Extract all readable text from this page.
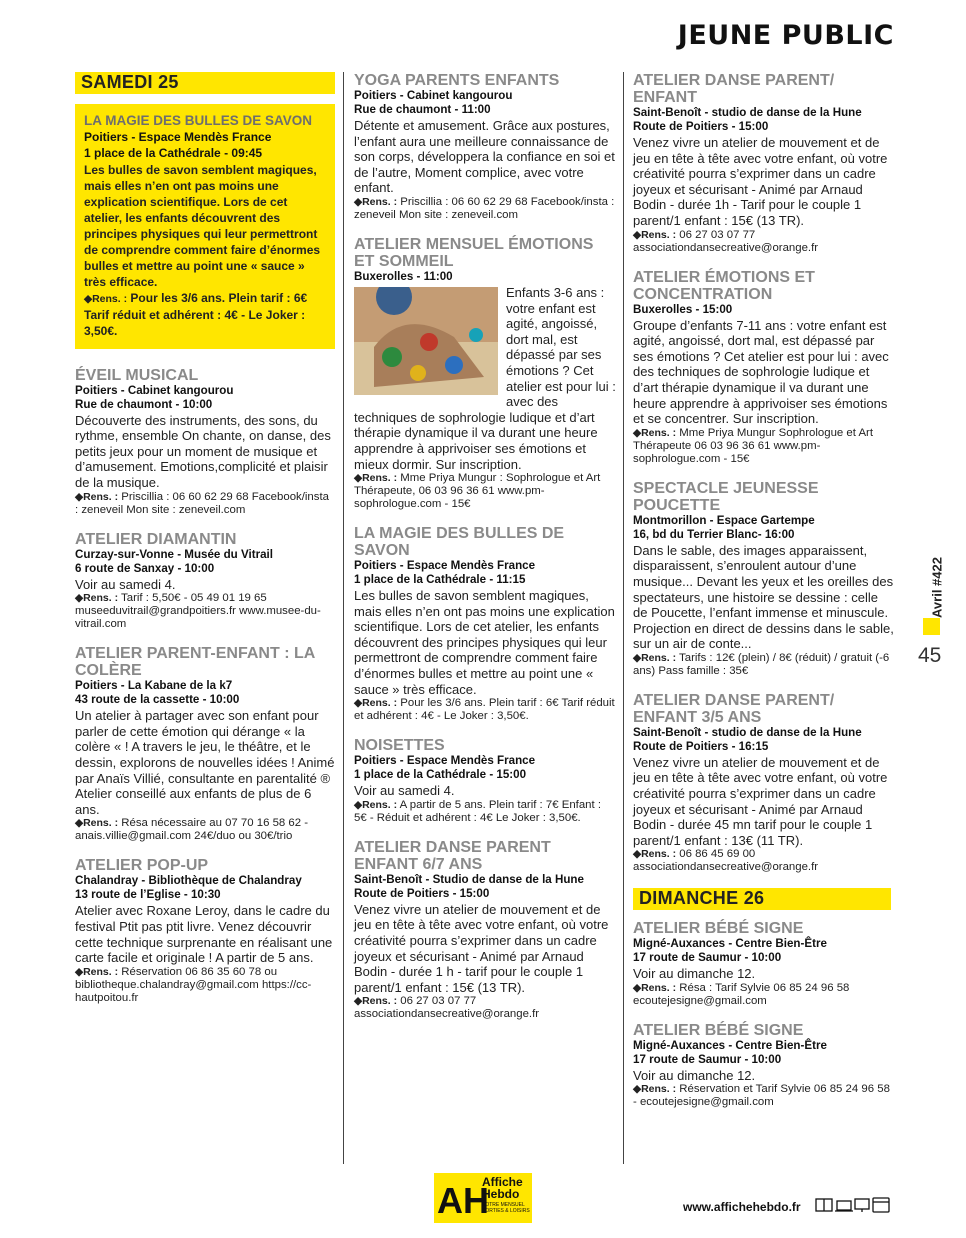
JEUNE PUBLIC
SAMEDI 25
LA MAGIE DES BULLES DE SAVON
Poitiers - Espace Mendès France
1 place de la Cathédrale - 09:45
Les bulles de savon semblent magiques, mais elles n’en ont pas moins une explication scientifique. Lors de cet atelier, les enfants découvrent des principes physiques qui leur permettront de comprendre comment faire d’énormes bulles et mettre au point une « sauce » très efficace.
◆Rens. : Pour les 3/6 ans. Plein tarif : 6€ Tarif réduit et adhérent : 4€ - Le Joker : 3,50€.
ÉVEIL MUSICAL
Poitiers - Cabinet kangourou
Rue de chaumont - 10:00
Découverte des instruments, des sons, du rythme, ensemble On chante, on danse, des petits jeux pour un moment de musique et d’amusement. Emotions,complicité et plaisir de la musique.
◆Rens. : Priscillia : 06 60 62 29 68 Facebook/insta : zeneveil Mon site : zeneveil.com
ATELIER DIAMANTIN
Curzay-sur-Vonne - Musée du Vitrail
6 route de Sanxay - 10:00
Voir au samedi 4.
◆Rens. : Tarif : 5,50€ - 05 49 01 19 65 museeduvitrail@grandpoitiers.fr www.musee-du-vitrail.com
ATELIER PARENT-ENFANT : LA COLÈRE
Poitiers - La Kabane de la k7
43 route de la cassette - 10:00
Un atelier à partager avec son enfant pour parler de cette émotion qui dérange « la colère « ! A travers le jeu, le théâtre, et le dessin, explorons de nouvelles idées ! Animé par Anaïs Villié, consultante en parentalité ® Atelier conseillé aux enfants de plus de 6 ans.
◆Rens. : Résa nécessaire au 07 70 16 58 62 - anais.villie@gmail.com 24€/duo ou 30€/trio
ATELIER POP-UP
Chalandray - Bibliothèque de Chalandray
13 route de l’Eglise - 10:30
Atelier avec Roxane Leroy, dans le cadre du festival Ptit pas ptit livre. Venez découvrir cette technique surprenante en réalisant une carte facile et originale ! A partir de 5 ans.
◆Rens. : Réservation 06 86 35 60 78 ou bibliotheque.chalandray@gmail.com https://cc-hautpoitou.fr
YOGA PARENTS ENFANTS
Poitiers - Cabinet kangourou
Rue de chaumont - 11:00
Détente et amusement. Grâce aux postures, l’enfant aura une meilleure connaissance de son corps, développera la confiance en soi et de l’autre, Moment complice, avec votre enfant.
◆Rens. : Priscillia : 06 60 62 29 68 Facebook/insta : zeneveil Mon site : zeneveil.com
ATELIER MENSUEL ÉMOTIONS ET SOMMEIL
Buxerolles - 11:00
Enfants 3-6 ans : votre enfant est agité, angoissé, dort mal, est dépassé par ses émotions ? Cet atelier est pour lui : avec des techniques de sophrologie ludique et d’art thérapie dynamique il va durant une heure apprendre à apprivoiser ses émotions et mieux dormir. Sur inscription.
◆Rens. : Mme Priya Mungur : Sophrologue et Art Thérapeute, 06 03 96 36 61 www.pm-sophrologue.com - 15€
LA MAGIE DES BULLES DE SAVON
Poitiers - Espace Mendès France
1 place de la Cathédrale - 11:15
Les bulles de savon semblent magiques, mais elles n’en ont pas moins une explication scientifique. Lors de cet atelier, les enfants découvrent des principes physiques qui leur permettront de comprendre comment faire d’énormes bulles et mettre au point une « sauce » très efficace.
◆Rens. : Pour les 3/6 ans. Plein tarif : 6€ Tarif réduit et adhérent : 4€ - Le Joker : 3,50€.
NOISETTES
Poitiers - Espace Mendès France
1 place de la Cathédrale - 15:00
Voir au samedi 4.
◆Rens. : A partir de 5 ans. Plein tarif : 7€ Enfant : 5€ - Réduit et adhérent : 4€ Le Joker : 3,50€.
ATELIER DANSE PARENT ENFANT 6/7 ANS
Saint-Benoît - Studio de danse de la Hune
Route de Poitiers - 15:00
Venez vivre un atelier de mouvement et de jeu en tête à tête avec votre enfant, où votre créativité pourra s’exprimer dans un cadre joyeux et sécurisant - Animé par Arnaud Bodin - durée 1 h - tarif pour le couple 1 parent/1 enfant : 15€ (13 TR).
◆Rens. : 06 27 03 07 77 associationdansecreative@orange.fr
ATELIER DANSE PARENT/ ENFANT
Saint-Benoît - studio de danse de la Hune
Route de Poitiers - 15:00
Venez vivre un atelier de mouvement et de jeu en tête à tête avec votre enfant, où votre créativité pourra s’exprimer dans un cadre joyeux et sécurisant - Animé par Arnaud Bodin - durée 1h - Tarif pour le couple 1 parent/1 enfant : 15€ (13 TR).
◆Rens. : 06 27 03 07 77 associationdansecreative@orange.fr
ATELIER ÉMOTIONS ET CONCENTRATION
Buxerolles - 15:00
Groupe d’enfants 7-11 ans : votre enfant est agité, angoissé, dort mal, est dépassé par ses émotions ? Cet atelier est pour lui : avec des techniques de sophrologie ludique et d’art thérapie dynamique il va durant une heure apprendre à apprivoiser ses émotions et se concentrer. Sur inscription.
◆Rens. : Mme Priya Mungur Sophrologue et Art Thérapeute 06 03 96 36 61 www.pm-sophrologue.com - 15€
SPECTACLE JEUNESSE POUCETTE
Montmorillon - Espace Gartempe
16, bd du Terrier Blanc- 16:00
Dans le sable, des images apparaissent, disparaissent, s’enroulent autour d’une musique... Devant les yeux et les oreilles des spectateurs, une histoire se dessine : celle de Poucette, l’enfant immense et minuscule. Projection en direct de dessins dans le sable, sur un air de conte...
◆Rens. : Tarifs : 12€ (plein) / 8€ (réduit) / gratuit (-6 ans) Pass famille : 35€
ATELIER DANSE PARENT/ ENFANT 3/5 ANS
Saint-Benoît - studio de danse de la Hune
Route de Poitiers - 16:15
Venez vivre un atelier de mouvement et de jeu en tête à tête avec votre enfant, où votre créativité pourra s’exprimer dans un cadre joyeux et sécurisant - Animé par Arnaud Bodin - durée 45 mn tarif pour le couple 1 parent/1 enfant : 13€ (11 TR).
◆Rens. : 06 86 45 69 00 associationdansecreative@orange.fr
DIMANCHE 26
ATELIER BÉBÉ SIGNE
Migné-Auxances - Centre Bien-Être
17 route de Saumur - 10:00
Voir au dimanche 12.
◆Rens. : Résa : Tarif Sylvie 06 85 24 96 58 ecoutejesigne@gmail.com
ATELIER BÉBÉ SIGNE
Migné-Auxances - Centre Bien-Être
17 route de Saumur - 10:00
Voir au dimanche 12.
◆Rens. : Réservation et Tarif Sylvie 06 85 24 96 58 - ecoutejesigne@gmail.com
Avril #422
45
AH
Affiche
Hebdo
VOTRE MENSUEL
SORTIES & LOISIRS	www.affichehebdo.fr
